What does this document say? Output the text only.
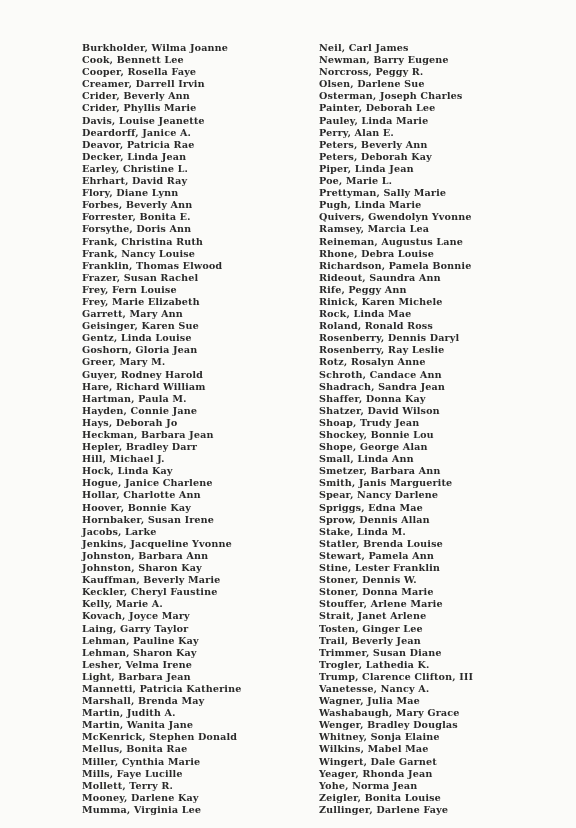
Burkholder, Wilma Joanne
Cook, Bennett Lee
Cooper, Rosella Faye
Creamer, Darrell Irvin
Crider, Beverly Ann
Crider, Phyllis Marie
Davis, Louise Jeanette
Deardorff, Janice A.
Deavor, Patricia Rae
Decker, Linda Jean
Earley, Christine L.
Ehrhart, David Ray
Flory, Diane Lynn
Forbes, Beverly Ann
Forrester, Bonita E.
Forsythe, Doris Ann
Frank, Christina Ruth
Frank, Nancy Louise
Franklin, Thomas Elwood
Frazer, Susan Rachel
Frey, Fern Louise
Frey, Marie Elizabeth
Garrett, Mary Ann
Geisinger, Karen Sue
Gentz, Linda Louise
Goshorn, Gloria Jean
Greer, Mary M.
Guyer, Rodney Harold
Hare, Richard William
Hartman, Paula M.
Hayden, Connie Jane
Hays, Deborah Jo
Heckman, Barbara Jean
Hepler, Bradley Darr
Hill, Michael J.
Hock, Linda Kay
Hogue, Janice Charlene
Hollar, Charlotte Ann
Hoover, Bonnie Kay
Hornbaker, Susan Irene
Jacobs, Larke
Jenkins, Jacqueline Yvonne
Johnston, Barbara Ann
Johnston, Sharon Kay
Kauffman, Beverly Marie
Keckler, Cheryl Faustine
Kelly, Marie A.
Kovach, Joyce Mary
Laing, Garry Taylor
Lehman, Pauline Kay
Lehman, Sharon Kay
Lesher, Velma Irene
Light, Barbara Jean
Mannetti, Patricia Katherine
Marshall, Brenda May
Martin, Judith A.
Martin, Wanita Jane
McKenrick, Stephen Donald
Mellus, Bonita Rae
Miller, Cynthia Marie
Mills, Faye Lucille
Mollett, Terry R.
Mooney, Darlene Kay
Mumma, Virginia Lee
Neil, Carl James
Newman, Barry Eugene
Norcross, Peggy R.
Olsen, Darlene Sue
Osterman, Joseph Charles
Painter, Deborah Lee
Pauley, Linda Marie
Perry, Alan E.
Peters, Beverly Ann
Peters, Deborah Kay
Piper, Linda Jean
Poe, Marie L.
Prettyman, Sally Marie
Pugh, Linda Marie
Quivers, Gwendolyn Yvonne
Ramsey, Marcia Lea
Reineman, Augustus Lane
Rhone, Debra Louise
Richardson, Pamela Bonnie
Rideout, Saundra Ann
Rife, Peggy Ann
Rinick, Karen Michele
Rock, Linda Mae
Roland, Ronald Ross
Rosenberry, Dennis Daryl
Rosenberry, Ray Leslie
Rotz, Rosalyn Anne
Schroth, Candace Ann
Shadrach, Sandra Jean
Shaffer, Donna Kay
Shatzer, David Wilson
Shoap, Trudy Jean
Shockey, Bonnie Lou
Shope, George Alan
Small, Linda Ann
Smetzer, Barbara Ann
Smith, Janis Marguerite
Spear, Nancy Darlene
Spriggs, Edna Mae
Sprow, Dennis Allan
Stake, Linda M.
Statler, Brenda Louise
Stewart, Pamela Ann
Stine, Lester Franklin
Stoner, Dennis W.
Stoner, Donna Marie
Stouffer, Arlene Marie
Strait, Janet Arlene
Tosten, Ginger Lee
Trail, Beverly Jean
Trimmer, Susan Diane
Trogler, Lathedia K.
Trump, Clarence Clifton, III
Vanetesse, Nancy A.
Wagner, Julia Mae
Washabaugh, Mary Grace
Wenger, Bradley Douglas
Whitney, Sonja Elaine
Wilkins, Mabel Mae
Wingert, Dale Garnet
Yeager, Rhonda Jean
Yohe, Norma Jean
Zeigler, Bonita Louise
Zullinger, Darlene Faye
